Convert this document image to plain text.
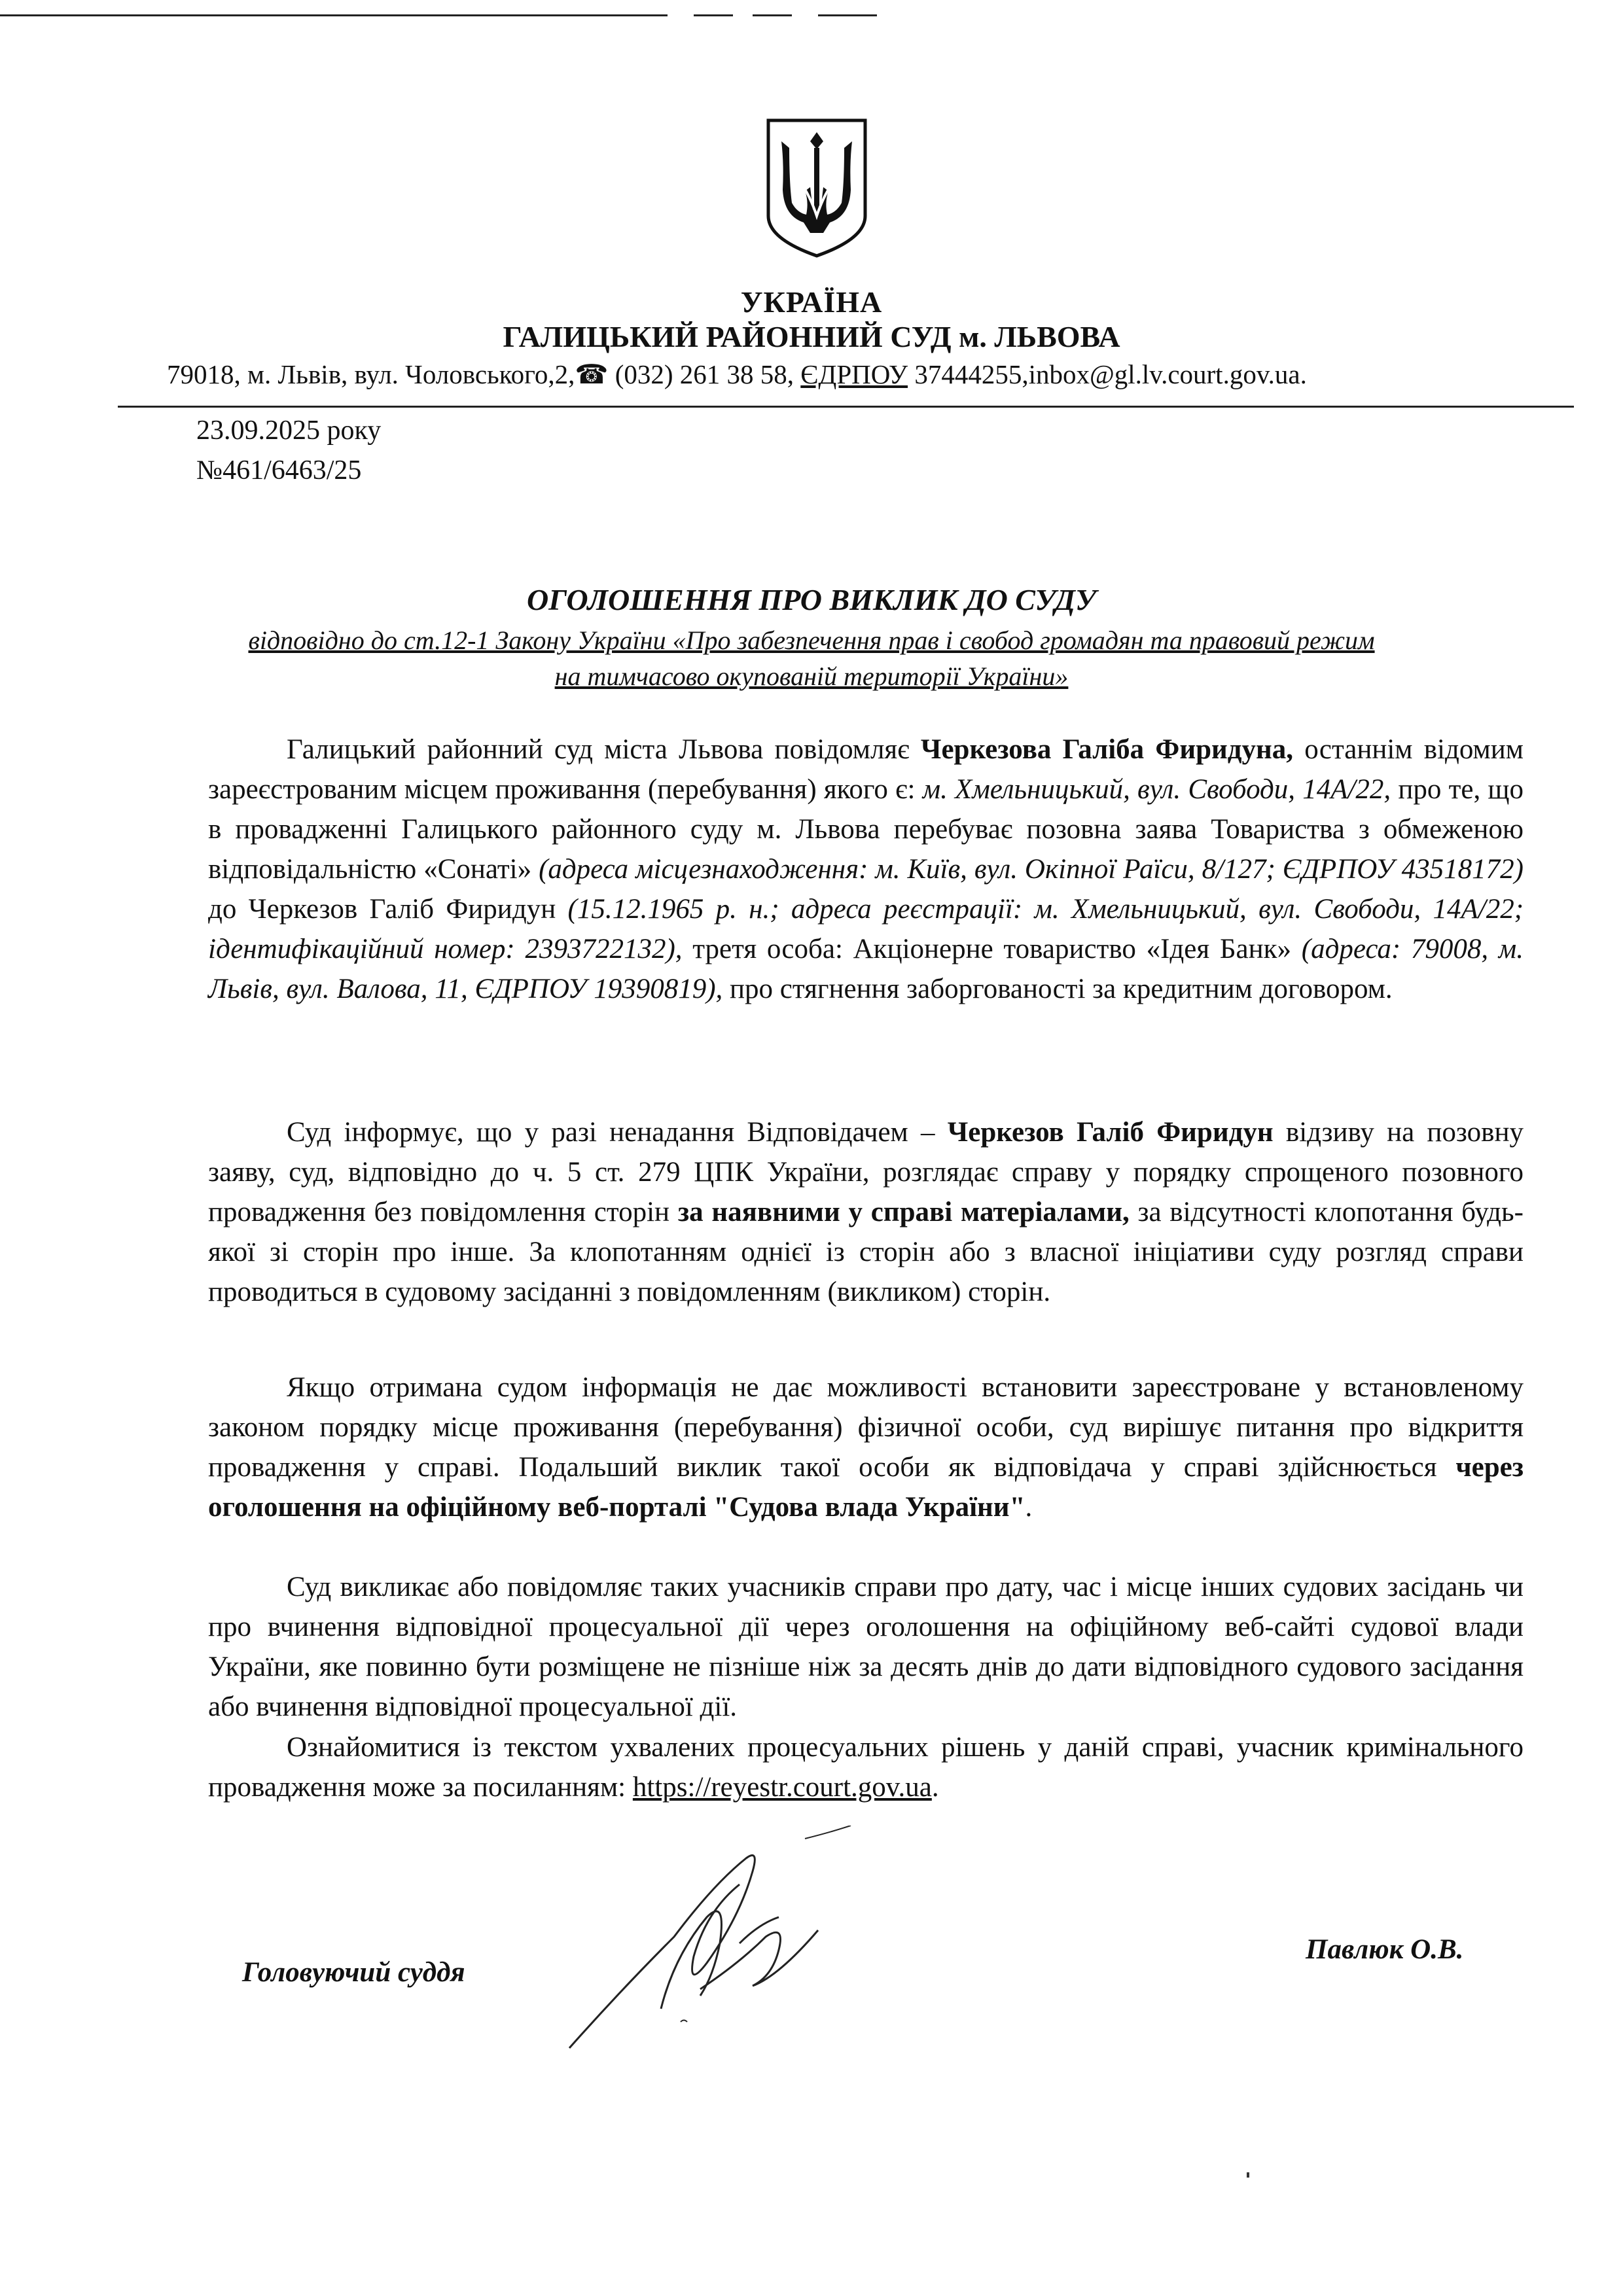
УКРАЇНА
ГАЛИЦЬКИЙ РАЙОННИЙ СУД м. ЛЬВОВА
79018, м. Львів, вул. Чоловського,2,☎ (032) 261 38 58, ЄДРПОУ 37444255,inbox@gl.lv.court.gov.ua.
23.09.2025 року
№461/6463/25
ОГОЛОШЕННЯ ПРО ВИКЛИК ДО СУДУ
відповідно до ст.12-1 Закону України «Про забезпечення прав і свобод громадян та правовий режим
на тимчасово окупованій території України»
Галицький районний суд міста Львова повідомляє Черкезова Галіба Фиридуна, останнім відомим зареєстрованим місцем проживання (перебування) якого є: м. Хмельницький, вул. Свободи, 14А/22, про те, що в провадженні Галицького районного суду м. Львова перебуває позовна заява Товариства з обмеженою відповідальністю «Сонаті» (адреса місцезнаходження: м. Київ, вул. Окіпної Раїси, 8/127; ЄДРПОУ 43518172) до Черкезов Галіб Фиридун (15.12.1965 р. н.; адреса реєстрації: м. Хмельницький, вул. Свободи, 14А/22; ідентифікаційний номер: 2393722132), третя особа: Акціонерне товариство «Ідея Банк» (адреса: 79008, м. Львів, вул. Валова, 11, ЄДРПОУ 19390819), про стягнення заборгованості за кредитним договором.
Суд інформує, що у разі ненадання Відповідачем – Черкезов Галіб Фиридун відзиву на позовну заяву, суд, відповідно до ч. 5 ст. 279 ЦПК України, розглядає справу у порядку спрощеного позовного провадження без повідомлення сторін за наявними у справі матеріалами, за відсутності клопотання будь-якої зі сторін про інше. За клопотанням однієї із сторін або з власної ініціативи суду розгляд справи проводиться в судовому засіданні з повідомленням (викликом) сторін.
Якщо отримана судом інформація не дає можливості встановити зареєстроване у встановленому законом порядку місце проживання (перебування) фізичної особи, суд вирішує питання про відкриття провадження у справі. Подальший виклик такої особи як відповідача у справі здійснюється через оголошення на офіційному веб-порталі "Судова влада України".
Суд викликає або повідомляє таких учасників справи про дату, час і місце інших судових засідань чи про вчинення відповідної процесуальної дії через оголошення на офіційному веб-сайті судової влади України, яке повинно бути розміщене не пізніше ніж за десять днів до дати відповідного судового засідання або вчинення відповідної процесуальної дії.
Ознайомитися із текстом ухвалених процесуальних рішень у даній справі, учасник кримінального провадження може за посиланням: https://reyestr.court.gov.ua.
Головуючий суддя
Павлюк О.В.
